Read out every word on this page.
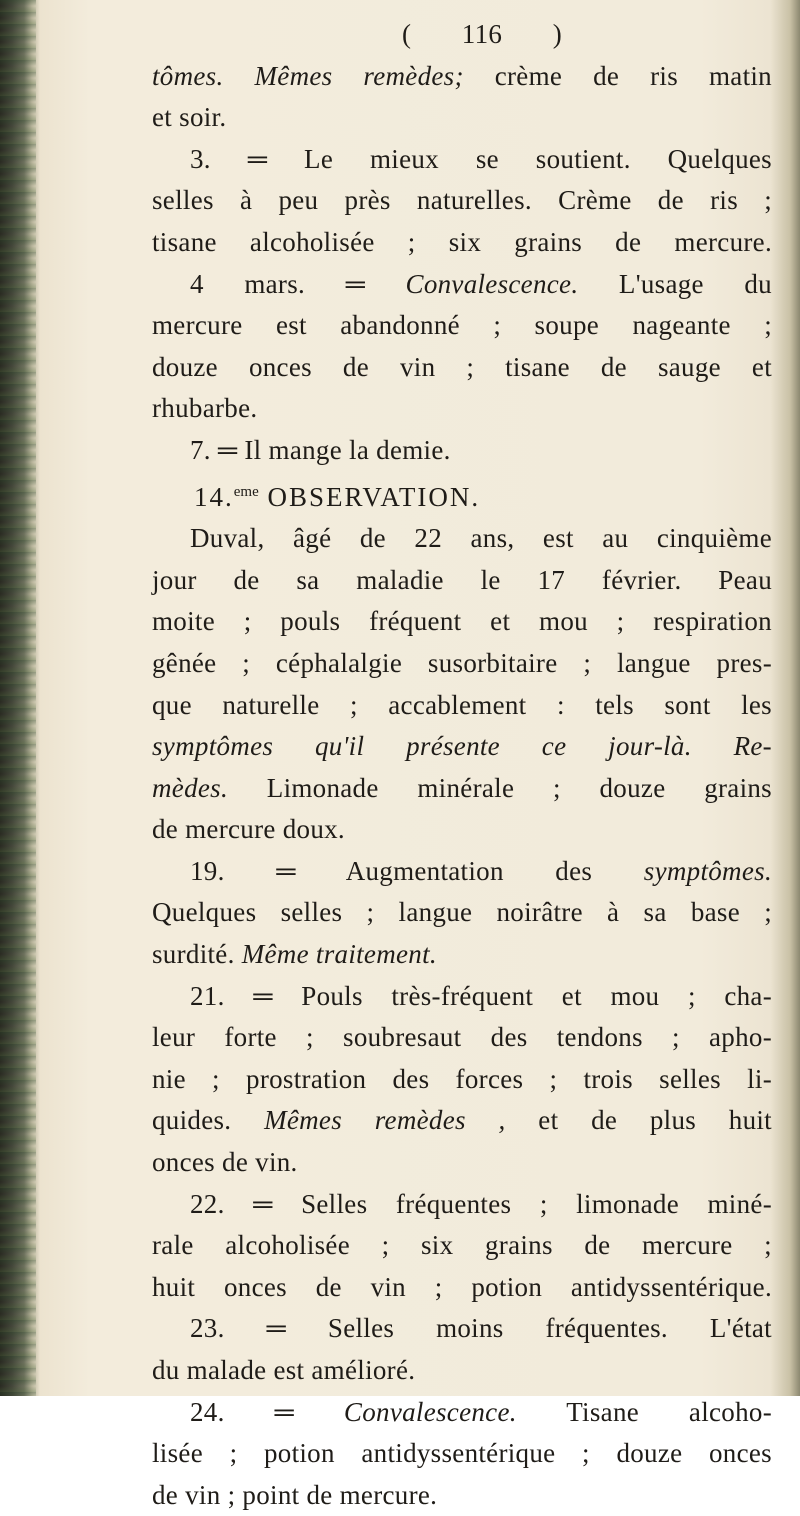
( 116 )
tômes. Mêmes remèdes; crème de ris matin
et soir.
3. ═ Le mieux se soutient. Quelques
selles à peu près naturelles. Crème de ris ;
tisane alcoholisée ; six grains de mercure.
4 mars. ═ Convalescence. L'usage du
mercure est abandonné ; soupe nageante ;
douze onces de vin ; tisane de sauge et
rhubarbe.
7. ═ Il mange la demie.
14.$^{eme}$ OBSERVATION.
Duval, âgé de 22 ans, est au cinquième
jour de sa maladie le 17 février. Peau
moite ; pouls fréquent et mou ; respiration
gênée ; céphalalgie susorbitaire ; langue pres-
que naturelle ; accablement : tels sont les
symptômes qu'il présente ce jour-là. Re-
mèdes. Limonade minérale ; douze grains
de mercure doux.
19. ═ Augmentation des symptômes.
Quelques selles ; langue noirâtre à sa base ;
surdité. Même traitement.
21. ═ Pouls très-fréquent et mou ; cha-
leur forte ; soubresaut des tendons ; apho-
nie ; prostration des forces ; trois selles li-
quides. Mêmes remèdes , et de plus huit
onces de vin.
22. ═ Selles fréquentes ; limonade miné-
rale alcoholisée ; six grains de mercure ;
huit onces de vin ; potion antidyssentérique.
23. ═ Selles moins fréquentes. L'état
du malade est amélioré.
24. ═ Convalescence. Tisane alcoho-
lisée ; potion antidyssentérique ; douze onces
de vin ; point de mercure.
